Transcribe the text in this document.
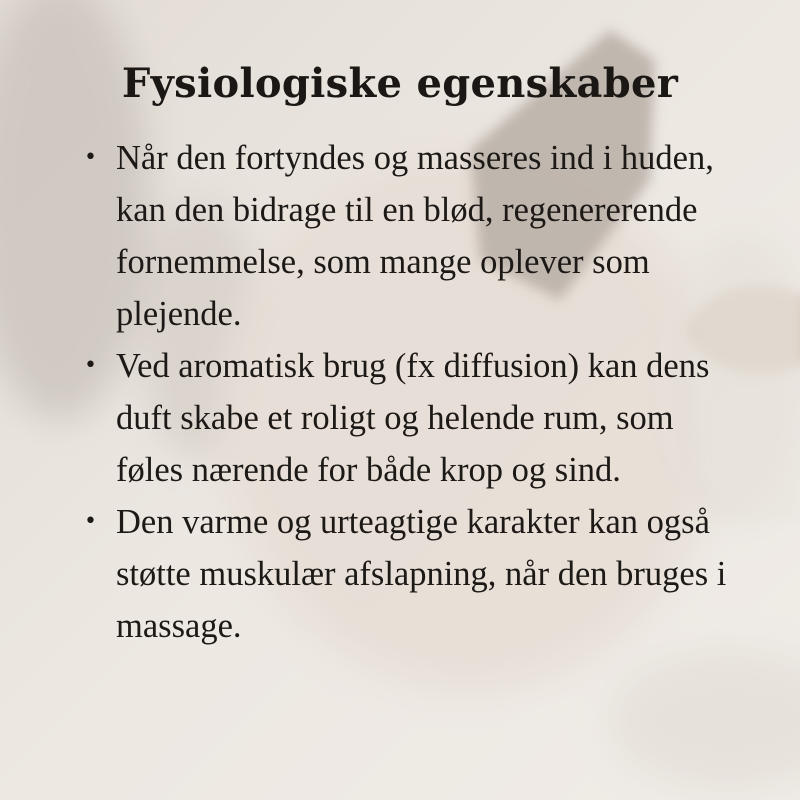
Fysiologiske egenskaber
• Når den fortyndes og masseres ind i huden, kan den bidrage til en blød, regenererende fornemmelse, som mange oplever som plejende.
• Ved aromatisk brug (fx diffusion) kan dens duft skabe et roligt og helende rum, som føles nærende for både krop og sind.
• Den varme og urteagtige karakter kan også støtte muskulær afslapning, når den bruges i massage.
